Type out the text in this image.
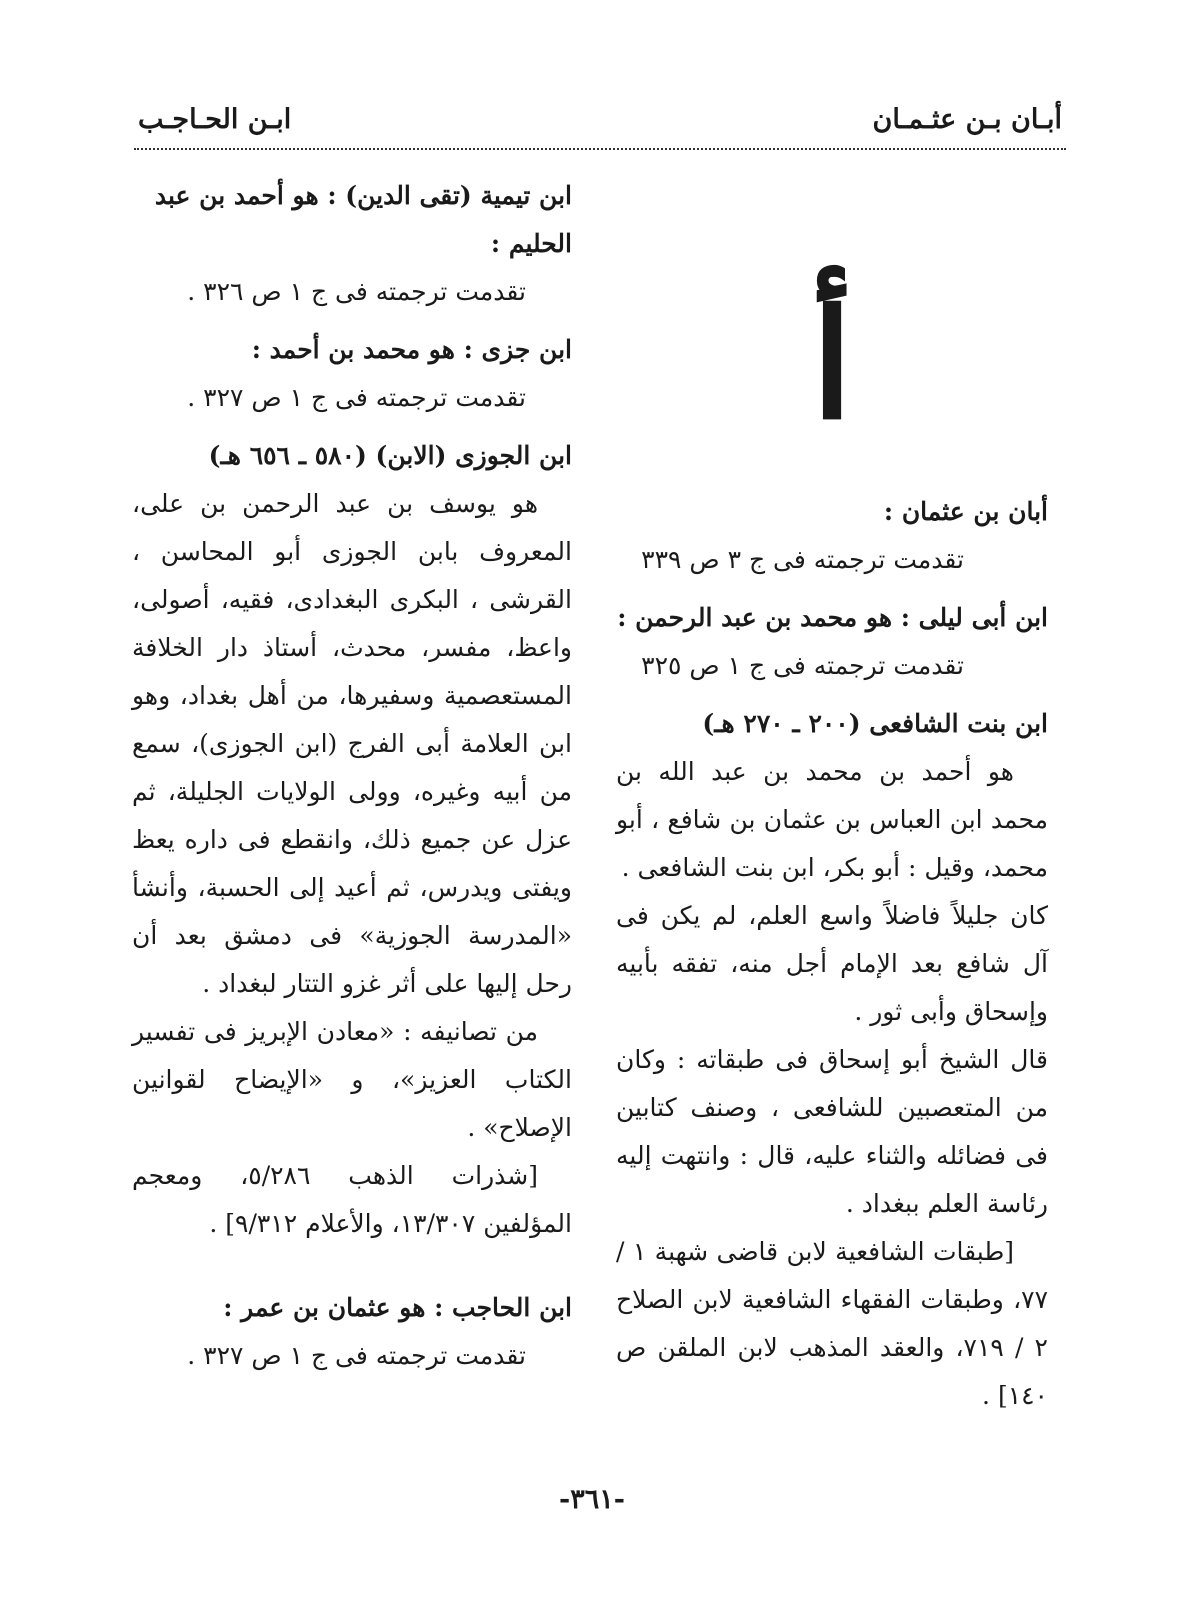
أبـان بـن عثـمـان
ابـن الحـاجـب
أ
أبان بن عثمان :
تقدمت ترجمته فى ج ٣ ص ٣٣٩
ابن أبى ليلى : هو محمد بن عبد الرحمن :
تقدمت ترجمته فى ج ١ ص ٣٢٥
ابن بنت الشافعى (٢٠٠ ـ ٢٧٠ هـ)
هو أحمد بن محمد بن عبد الله بن محمد ابن العباس بن عثمان بن شافع ، أبو محمد، وقيل : أبو بكر، ابن بنت الشافعى .
كان جليلاً فاضلاً واسع العلم، لم يكن فى آل شافع بعد الإمام أجل منه، تفقه بأبيه وإسحاق وأبى ثور .
قال الشيخ أبو إسحاق فى طبقاته : وكان من المتعصبين للشافعى ، وصنف كتابين فى فضائله والثناء عليه، قال : وانتهت إليه رئاسة العلم ببغداد .
[طبقات الشافعية لابن قاضى شهبة ١ / ٧٧، وطبقات الفقهاء الشافعية لابن الصلاح ٢ / ٧١٩، والعقد المذهب لابن الملقن ص ١٤٠] .
ابن تيمية (تقى الدين) : هو أحمد بن عبد الحليم :
تقدمت ترجمته فى ج ١ ص ٣٢٦ .
ابن جزى : هو محمد بن أحمد :
تقدمت ترجمته فى ج ١ ص ٣٢٧ .
ابن الجوزى (الابن) (٥٨٠ ـ ٦٥٦ هـ)
هو يوسف بن عبد الرحمن بن على، المعروف بابن الجوزى أبو المحاسن ، القرشى ، البكرى البغدادى، فقيه، أصولى، واعظ، مفسر، محدث، أستاذ دار الخلافة المستعصمية وسفيرها، من أهل بغداد، وهو ابن العلامة أبى الفرج (ابن الجوزى)، سمع من أبيه وغيره، وولى الولايات الجليلة، ثم عزل عن جميع ذلك، وانقطع فى داره يعظ ويفتى ويدرس، ثم أعيد إلى الحسبة، وأنشأ «المدرسة الجوزية» فى دمشق بعد أن رحل إليها على أثر غزو التتار لبغداد .
من تصانيفه : «معادن الإبريز فى تفسير الكتاب العزيز»، و «الإيضاح لقوانين الإصلاح» .
[شذرات الذهب ٥/٢٨٦، ومعجم المؤلفين ١٣/٣٠٧، والأعلام ٩/٣١٢] .
ابن الحاجب : هو عثمان بن عمر :
تقدمت ترجمته فى ج ١ ص ٣٢٧ .
-٣٦١-
